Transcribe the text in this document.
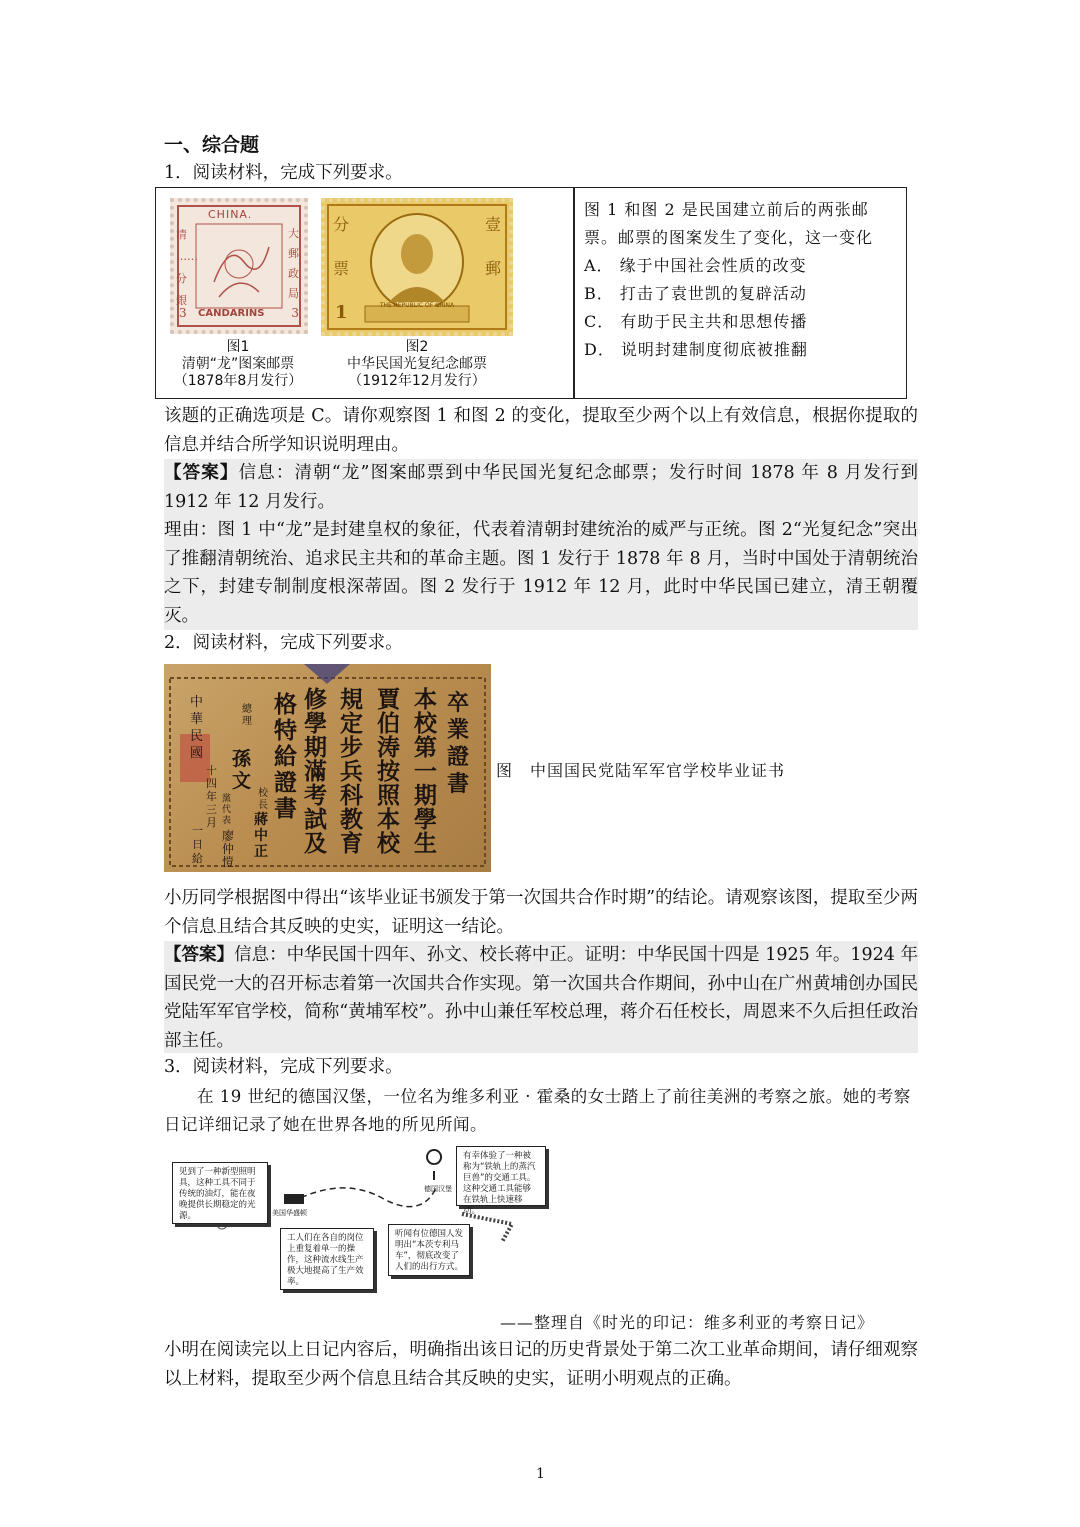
一、综合题
1．阅读材料，完成下列要求。
CHINA.
清 …… 分 銀
大 郵 政 局
CANDARINS
3	3
图1
清朝“龙”图案邮票
（1878年8月发行）
分	壹
票	郵
1	THE REPUBLIC OF CHINA
图2
中华民国光复纪念邮票
（1912年12月发行）
图 1 和图 2 是民国建立前后的两张邮票。邮票的图案发生了变化，这一变化
A． 缘于中国社会性质的改变
B． 打击了袁世凯的复辟活动
C． 有助于民主共和思想传播
D． 说明封建制度彻底被推翻
该题的正确选项是 C。请你观察图 1 和图 2 的变化，提取至少两个以上有效信息，根据你提取的信息并结合所学知识说明理由。
【答案】信息：清朝“龙”图案邮票到中华民国光复纪念邮票；发行时间 1878 年 8 月发行到 1912 年 12 月发行。
理由：图 1 中“龙”是封建皇权的象征，代表着清朝封建统治的威严与正统。图 2“光复纪念”突出了推翻清朝统治、追求民主共和的革命主题。图 1 发行于 1878 年 8 月，当时中国处于清朝统治之下，封建专制制度根深蒂固。图 2 发行于 1912 年 12 月，此时中华民国已建立，清王朝覆灭。
2．阅读材料，完成下列要求。
卒業證書
本校第一期學生
賈伯涛按照本校
規定步兵科教育
修學期滿考試及
格特給證書
中華民國
十四年三月
一日給
總理
孫文
校長
蔣中正
黨代表
廖仲愷
图　中国国民党陆军军官学校毕业证书
小历同学根据图中得出“该毕业证书颁发于第一次国共合作时期”的结论。请观察该图，提取至少两个信息且结合其反映的史实，证明这一结论。
【答案】信息：中华民国十四年、孙文、校长蒋中正。证明：中华民国十四是 1925 年。1924 年国民党一大的召开标志着第一次国共合作实现。第一次国共合作期间，孙中山在广州黄埔创办国民党陆军军官学校，简称“黄埔军校”。孙中山兼任军校总理，蒋介石任校长，周恩来不久后担任政治部主任。
3．阅读材料，完成下列要求。
在 19 世纪的德国汉堡，一位名为维多利亚 · 霍桑的女士踏上了前往美洲的考察之旅。她的考察日记详细记录了她在世界各地的所见所闻。
见到了一种新型照明具，这种工具不同于传统的油灯，能在夜晚提供长期稳定的光源。
工人们在各自的岗位上重复着单一的操作，这种流水线生产极大地提高了生产效率。
听闻有位德国人发明出“本茨专利马车”，彻底改变了人们的出行方式。
有幸体验了一种被称为“铁轨上的蒸汽巨兽”的交通工具。这种交通工具能够在铁轨上快速移动。
美国华盛顿
德国汉堡
——整理自《时光的印记：维多利亚的考察日记》
小明在阅读完以上日记内容后，明确指出该日记的历史背景处于第二次工业革命期间，请仔细观察以上材料，提取至少两个信息且结合其反映的史实，证明小明观点的正确。
1
